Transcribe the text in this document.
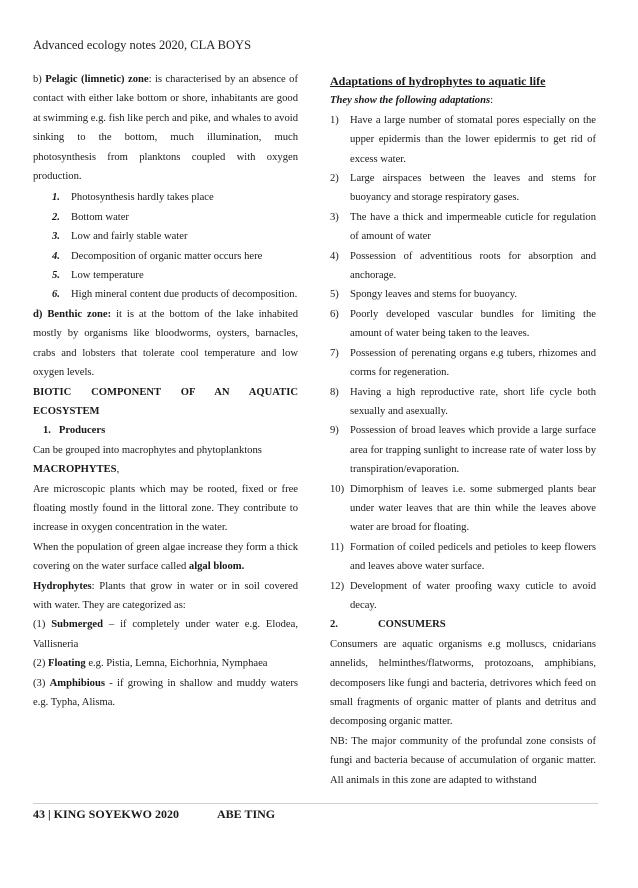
Advanced ecology notes 2020, CLA BOYS

b) Pelagic (limnetic) zone: is characterised by an absence of contact with either lake bottom or shore, inhabitants are good at swimming e.g. fish like perch and pike, and whales to avoid sinking to the bottom, much illumination, much photosynthesis from planktons coupled with oxygen production.

1. Photosynthesis hardly takes place
2. Bottom water
3. Low and fairly stable water
4. Decomposition of organic matter occurs here
5. Low temperature
6. High mineral content due products of decomposition.

d) Benthic zone: it is at the bottom of the lake inhabited mostly by organisms like bloodworms, oysters, barnacles, crabs and lobsters that tolerate cool temperature and low oxygen levels.

BIOTIC COMPONENT OF AN AQUATIC

ECOSYSTEM

1. Producers

Can be grouped into macrophytes and phytoplanktons

MACROPHYTES,

Are microscopic plants which may be rooted, fixed or free floating mostly found in the littoral zone. They contribute to increase in oxygen concentration in the water.

When the population of green algae increase they form a thick covering on the water surface called algal bloom.

Hydrophytes: Plants that grow in water or in soil covered with water. They are categorized as:

(1) Submerged – if completely under water e.g. Elodea, Vallisneria

(2) Floating e.g. Pistia, Lemna, Eichorhnia, Nymphaea

(3) Amphibious - if growing in shallow and muddy waters e.g. Typha, Alisma.

Adaptations of hydrophytes to aquatic life

They show the following adaptations:

1) Have a large number of stomatal pores especially on the upper epidermis than the lower epidermis to get rid of excess water.
2) Large airspaces between the leaves and stems for buoyancy and storage respiratory gases.
3) The have a thick and impermeable cuticle for regulation of amount of water
4) Possession of adventitious roots for absorption and anchorage.
5) Spongy leaves and stems for buoyancy.
6) Poorly developed vascular bundles for limiting the amount of water being taken to the leaves.
7) Possession of perenating organs e.g tubers, rhizomes and corms for regeneration.
8) Having a high reproductive rate, short life cycle both sexually and asexually.
9) Possession of broad leaves which provide a large surface area for trapping sunlight to increase rate of water loss by transpiration/evaporation.
10) Dimorphism of leaves i.e. some submerged plants bear under water leaves that are thin while the leaves above water are broad for floating.
11) Formation of coiled pedicels and petioles to keep flowers and leaves above water surface.
12) Development of water proofing waxy cuticle to avoid decay.

2.	CONSUMERS

Consumers are aquatic organisms e.g molluscs, cnidarians annelids, helminthes/flatworms, protozoans, amphibians, decomposers like fungi and bacteria, detrivores which feed on small fragments of organic matter of plants and detritus and decomposing organic matter.

NB: The major community of the profundal zone consists of fungi and bacteria because of accumulation of organic matter. All animals in this zone are adapted to withstand

43 | KING SOYEKWO 2020	ABE TING
